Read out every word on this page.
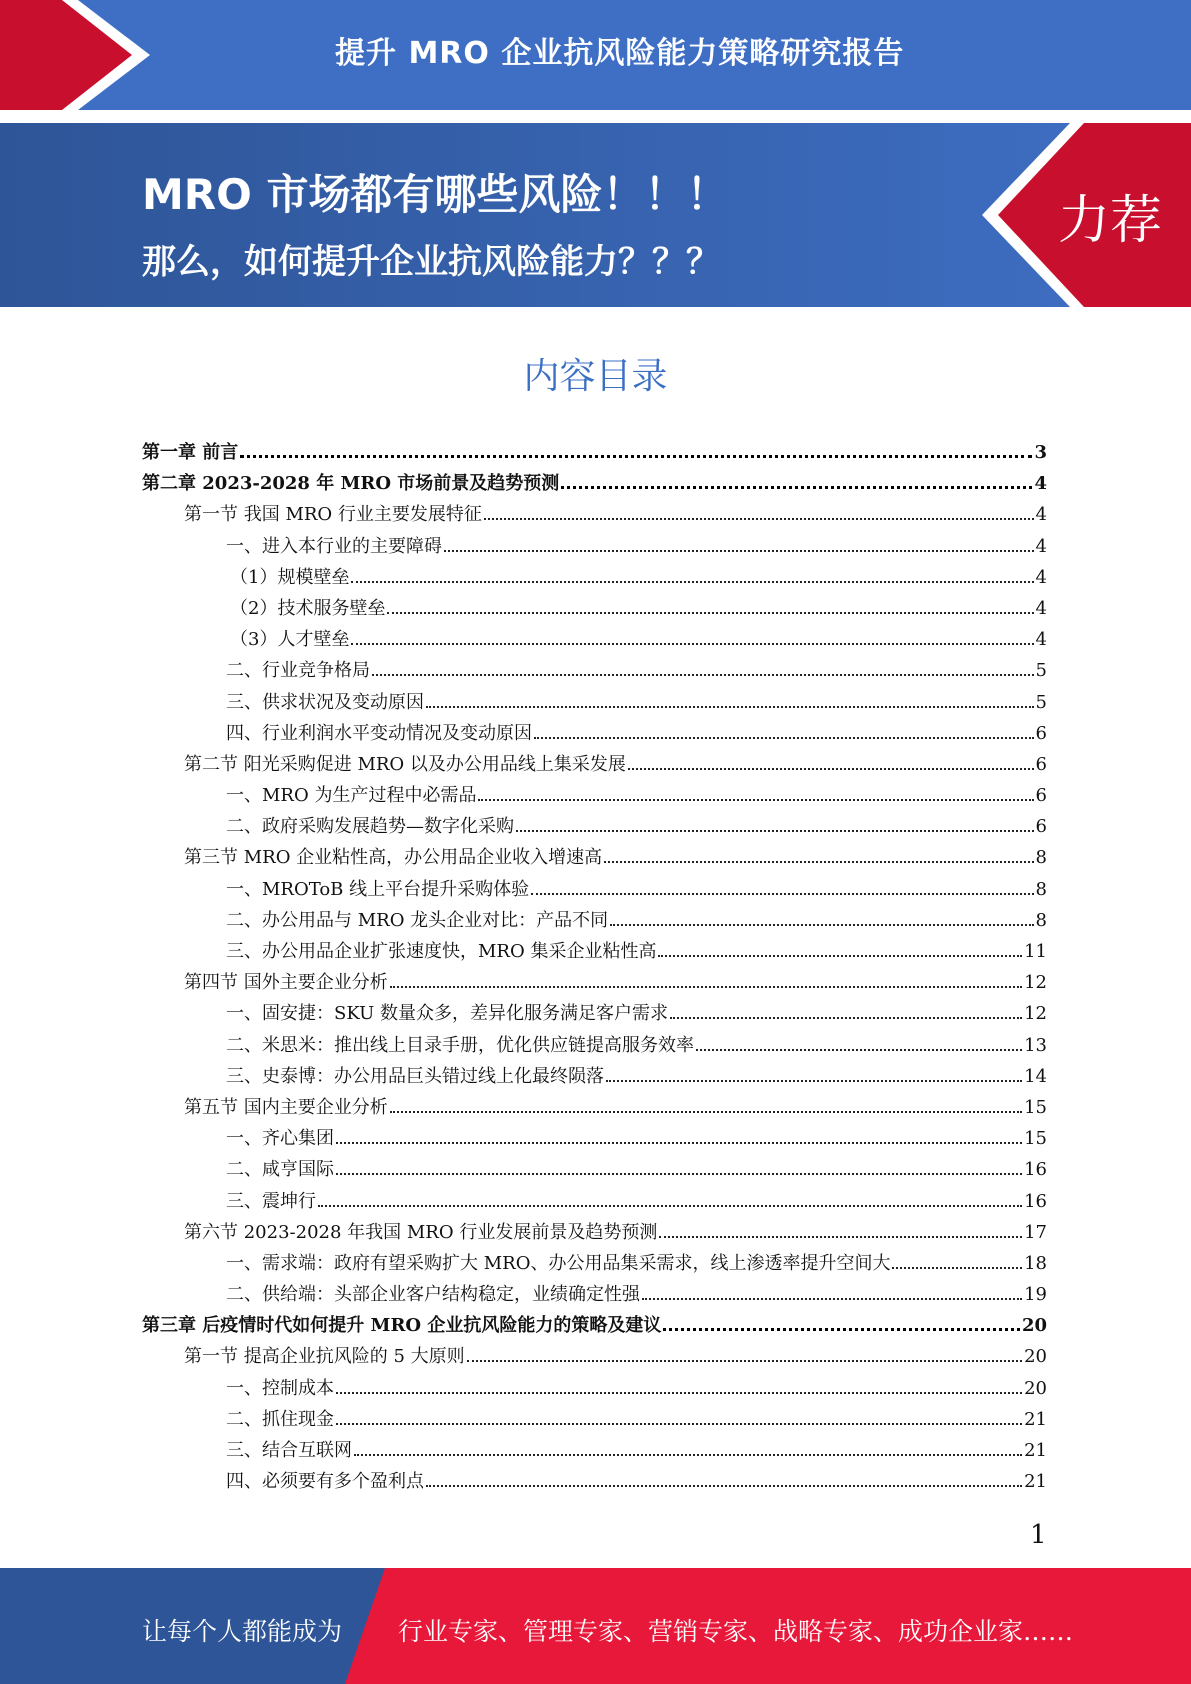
提升 MRO 企业抗风险能力策略研究报告
MRO 市场都有哪些风险！！！
那么，如何提升企业抗风险能力？？？
力荐
内容目录
第一章 前言	3
第二章 2023-2028 年 MRO 市场前景及趋势预测	4
第一节 我国 MRO 行业主要发展特征	4
一、进入本行业的主要障碍	4
（1）规模壁垒	4
（2）技术服务壁垒	4
（3）人才壁垒	4
二、行业竞争格局	5
三、供求状况及变动原因	5
四、行业利润水平变动情况及变动原因	6
第二节 阳光采购促进 MRO 以及办公用品线上集采发展	6
一、MRO 为生产过程中必需品	6
二、政府采购发展趋势—数字化采购	6
第三节 MRO 企业粘性高，办公用品企业收入增速高	8
一、MROToB 线上平台提升采购体验	8
二、办公用品与 MRO 龙头企业对比：产品不同	8
三、办公用品企业扩张速度快，MRO 集采企业粘性高	11
第四节 国外主要企业分析	12
一、固安捷：SKU 数量众多，差异化服务满足客户需求	12
二、米思米：推出线上目录手册，优化供应链提高服务效率	13
三、史泰博：办公用品巨头错过线上化最终陨落	14
第五节 国内主要企业分析	15
一、齐心集团	15
二、咸亨国际	16
三、震坤行	16
第六节 2023-2028 年我国 MRO 行业发展前景及趋势预测	17
一、需求端：政府有望采购扩大 MRO、办公用品集采需求，线上渗透率提升空间大	18
二、供给端：头部企业客户结构稳定，业绩确定性强	19
第三章 后疫情时代如何提升 MRO 企业抗风险能力的策略及建议	20
第一节 提高企业抗风险的 5 大原则	20
一、控制成本	20
二、抓住现金	21
三、结合互联网	21
四、必须要有多个盈利点	21
1
让每个人都能成为 行业专家、管理专家、营销专家、战略专家、成功企业家……
